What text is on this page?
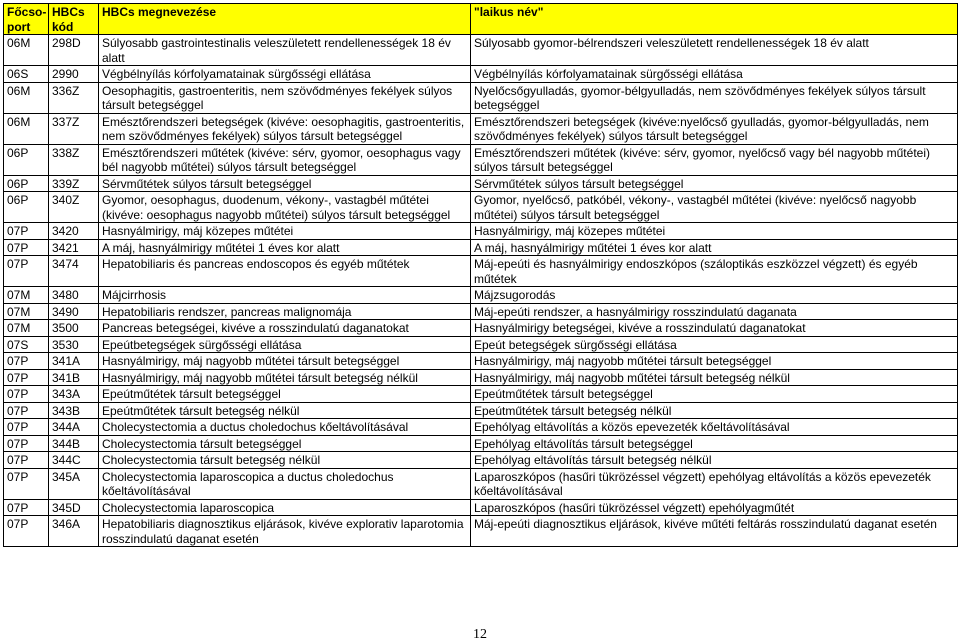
Főcso-port	HBCs kód	HBCs megnevezése	"laikus név"
06M	298D	Súlyosabb gastrointestinalis veleszületett rendellenességek 18 év alatt	Súlyosabb gyomor-bélrendszeri veleszületett rendellenességek 18 év alatt
06S	2990	Végbélnyílás kórfolyamatainak sürgősségi ellátása	Végbélnyílás kórfolyamatainak sürgősségi ellátása
06M	336Z	Oesophagitis, gastroenteritis, nem szövődményes fekélyek súlyos társult betegséggel	Nyelőcsőgyulladás, gyomor-bélgyulladás, nem szövődményes fekélyek súlyos társult betegséggel
06M	337Z	Emésztőrendszeri betegségek (kivéve: oesophagitis, gastroenteritis, nem szövődményes fekélyek) súlyos társult betegséggel	Emésztőrendszeri betegségek (kivéve:nyelőcső gyulladás, gyomor-bélgyulladás, nem szövődményes fekélyek) súlyos társult betegséggel
06P	338Z	Emésztőrendszeri műtétek (kivéve: sérv, gyomor, oesophagus vagy bél nagyobb műtétei) súlyos társult betegséggel	Emésztőrendszeri műtétek (kivéve: sérv, gyomor, nyelőcső vagy bél nagyobb műtétei) súlyos társult betegséggel
06P	339Z	Sérvműtétek súlyos társult betegséggel	Sérvműtétek súlyos társult betegséggel
06P	340Z	Gyomor, oesophagus, duodenum, vékony-, vastagbél műtétei (kivéve: oesophagus nagyobb műtétei) súlyos társult betegséggel	Gyomor, nyelőcső, patkóbél, vékony-, vastagbél műtétei (kivéve: nyelőcső nagyobb műtétei) súlyos társult betegséggel
07P	3420	Hasnyálmirigy, máj közepes műtétei	Hasnyálmirigy, máj közepes műtétei
07P	3421	A máj, hasnyálmirigy műtétei 1 éves kor alatt	A máj, hasnyálmirigy műtétei 1 éves kor alatt
07P	3474	Hepatobiliaris és pancreas endoscopos és egyéb műtétek	Máj-epeúti és hasnyálmirigy endoszkópos (száloptikás eszközzel végzett) és egyéb műtétek
07M	3480	Májcirrhosis	Májzsugorodás
07M	3490	Hepatobiliaris rendszer, pancreas malignomája	Máj-epeúti rendszer, a hasnyálmirigy rosszindulatú daganata
07M	3500	Pancreas betegségei, kivéve a rosszindulatú daganatokat	Hasnyálmirigy betegségei, kivéve a rosszindulatú daganatokat
07S	3530	Epeútbetegségek sürgősségi ellátása	Epeút betegségek sürgősségi ellátása
07P	341A	Hasnyálmirigy, máj nagyobb műtétei társult betegséggel	Hasnyálmirigy, máj nagyobb műtétei társult betegséggel
07P	341B	Hasnyálmirigy, máj nagyobb műtétei társult betegség nélkül	Hasnyálmirigy, máj nagyobb műtétei társult betegség nélkül
07P	343A	Epeútműtétek társult betegséggel	Epeútműtétek társult betegséggel
07P	343B	Epeútműtétek társult betegség nélkül	Epeútműtétek társult betegség nélkül
07P	344A	Cholecystectomia a ductus choledochus kőeltávolításával	Epehólyag eltávolítás a közös epevezeték kőeltávolításával
07P	344B	Cholecystectomia társult betegséggel	Epehólyag eltávolítás társult betegséggel
07P	344C	Cholecystectomia társult betegség nélkül	Epehólyag eltávolítás társult betegség nélkül
07P	345A	Cholecystectomia laparoscopica a ductus choledochus kőeltávolításával	Laparoszkópos (hasűri tükrözéssel végzett) epehólyag eltávolítás a közös epevezeték kőeltávolításával
07P	345D	Cholecystectomia laparoscopica	Laparoszkópos (hasűri tükrözéssel végzett) epehólyagműtét
07P	346A	Hepatobiliaris diagnosztikus eljárások, kivéve explorativ laparotomia rosszindulatú daganat esetén	Máj-epeúti diagnosztikus eljárások, kivéve műtéti feltárás rosszindulatú daganat esetén
12
